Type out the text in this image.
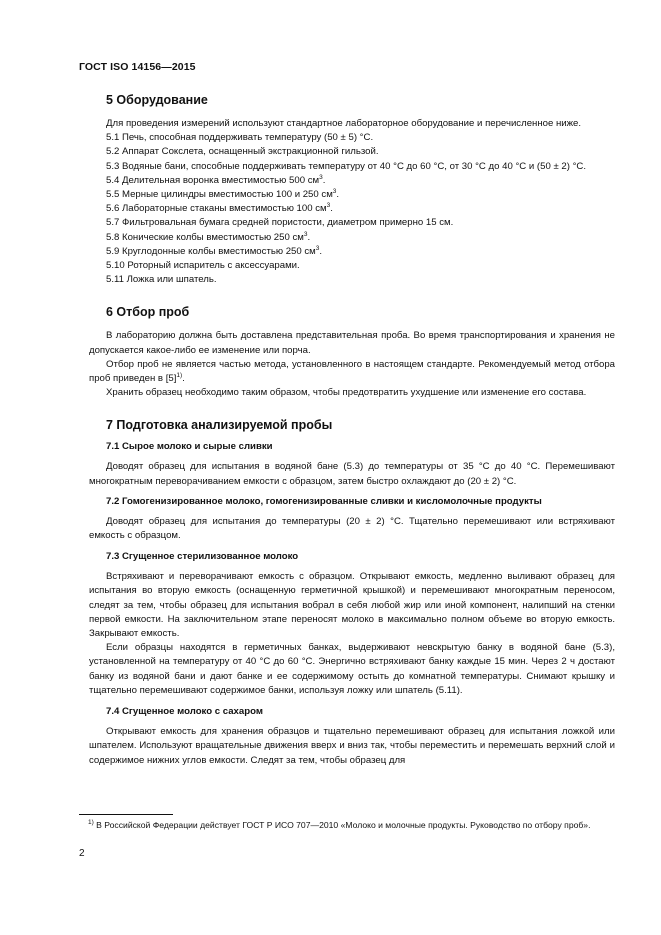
ГОСТ ISO 14156—2015
5 Оборудование

Для проведения измерений используют стандартное лабораторное оборудование и перечисленное ниже.

5.1 Печь, способная поддерживать температуру (50 ± 5) °С.
5.2 Аппарат Сокслета, оснащенный экстракционной гильзой.

5.3 Водяные бани, способные поддерживать температуру от 40 °С до 60 °С, от 30 °С до 40 °С и (50 ± 2) °С.

5.4 Делительная воронка вместимостью 500 $см^3$.
5.5 Мерные цилиндры вместимостью 100 и 250 $см^3$.
5.6 Лабораторные стаканы вместимостью 100 $см^3$.
5.7 Фильтровальная бумага средней пористости, диаметром примерно 15 см.
5.8 Конические колбы вместимостью 250 $см^3$.
5.9 Круглодонные колбы вместимостью 250 $см^3$.
5.10 Роторный испаритель с аксессуарами.
5.11 Ложка или шпатель.
6 Отбор проб

В лабораторию должна быть доставлена представительная проба. Во время транспортирования и хранения не допускается какое-либо ее изменение или порча.

Отбор проб не является частью метода, установленного в настоящем стандарте. Рекомендуемый метод отбора проб приведен в $[5]^{1)}$.

Хранить образец необходимо таким образом, чтобы предотвратить ухудшение или изменение его состава.

7 Подготовка анализируемой пробы
7.1 Сырое молоко и сырые сливки

Доводят образец для испытания в водяной бане (5.3) до температуры от 35 °С до 40 °С. Перемешивают многократным переворачиванием емкости с образцом, затем быстро охлаждают до (20 ± 2) °С.

7.2 Гомогенизированное молоко, гомогенизированные сливки и кисломолочные продукты

Доводят образец для испытания до температуры (20 ± 2) °С. Тщательно перемешивают или встряхивают емкость с образцом.

7.3 Сгущенное стерилизованное молоко

Встряхивают и переворачивают емкость с образцом. Открывают емкость, медленно выливают образец для испытания во вторую емкость (оснащенную герметичной крышкой) и перемешивают многократным переносом, следят за тем, чтобы образец для испытания вобрал в себя любой жир или иной компонент, налипший на стенки первой емкости. На заключительном этапе переносят молоко в максимально полном объеме во вторую емкость. Закрывают емкость.

Если образцы находятся в герметичных банках, выдерживают невскрытую банку в водяной бане (5.3), установленной на температуру от 40 °С до 60 °С. Энергично встряхивают банку каждые 15 мин. Через 2 ч достают банку из водяной бани и дают банке и ее содержимому остыть до комнатной температуры. Снимают крышку и тщательно перемешивают содержимое банки, используя ложку или шпатель (5.11).

7.4 Сгущенное молоко с сахаром

Открывают емкость для хранения образцов и тщательно перемешивают образец для испытания ложкой или шпателем. Используют вращательные движения вверх и вниз так, чтобы переместить и перемешать верхний слой и содержимое нижних углов емкости. Следят за тем, чтобы образец для

$^{1)}$ В Российской Федерации действует ГОСТ Р ИСО 707—2010 «Молоко и молочные продукты. Руководство по отбору проб».
2
